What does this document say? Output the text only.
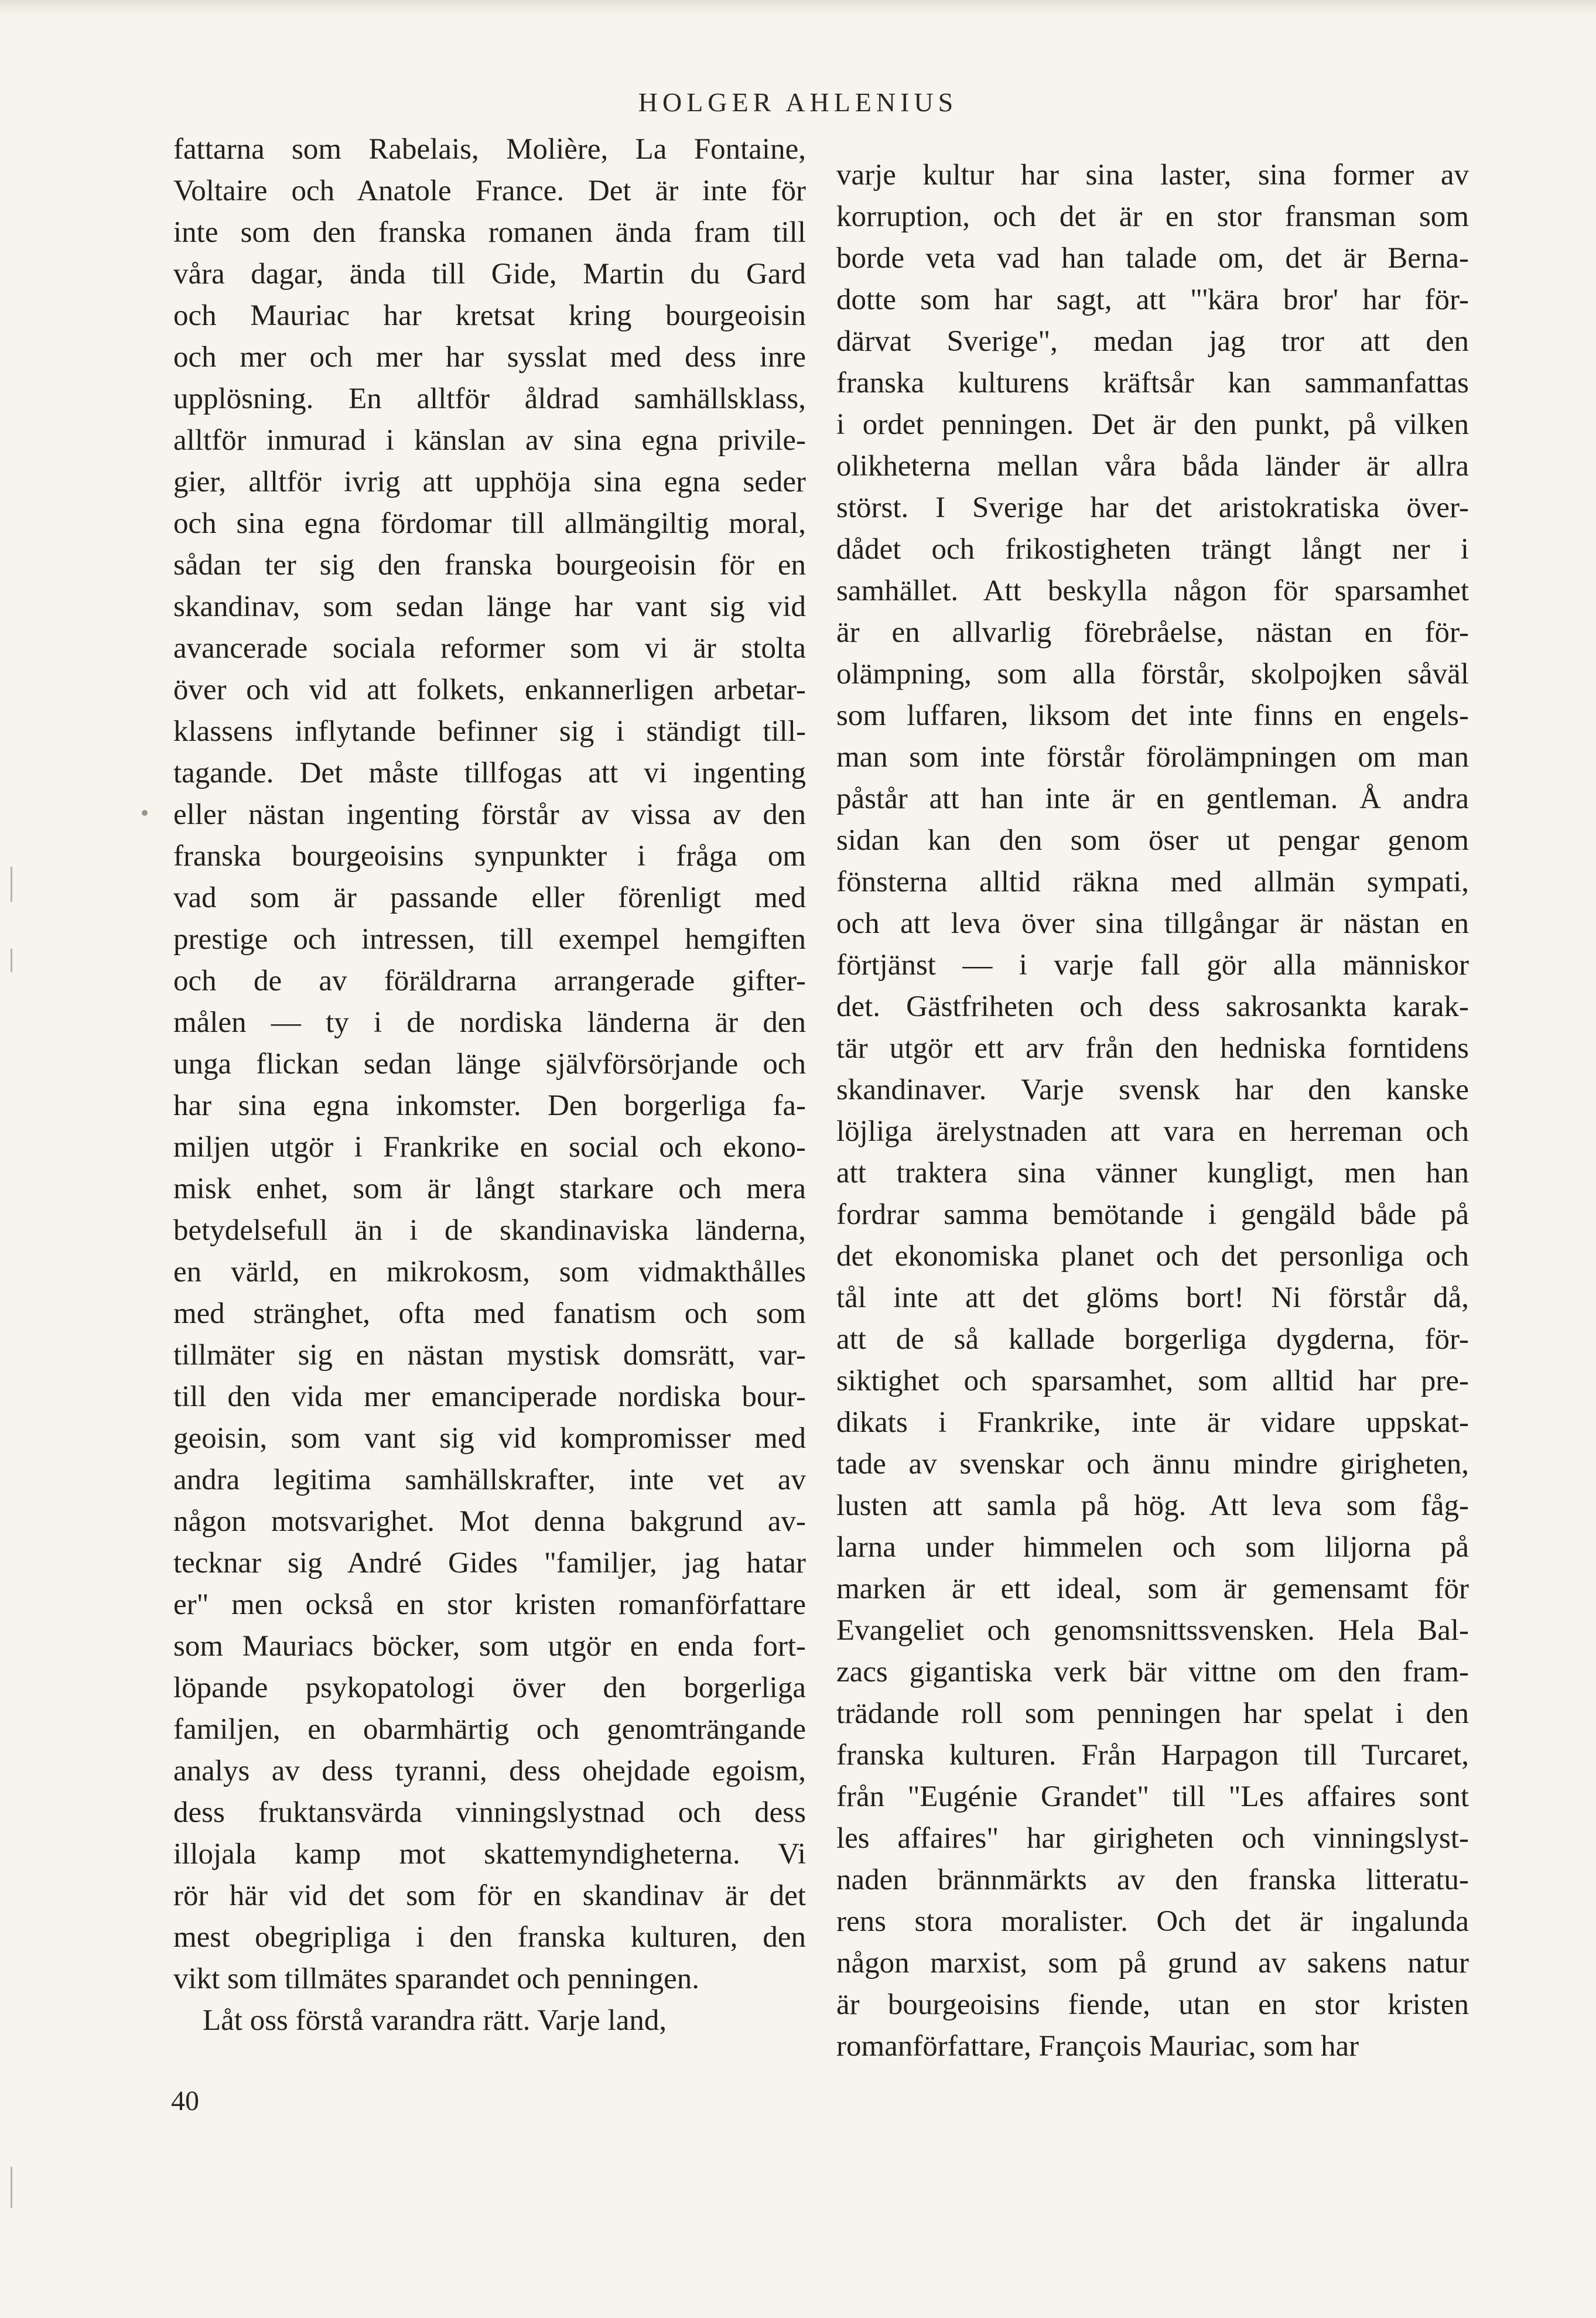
HOLGER AHLENIUS
fattarna som Rabelais, Molière, La Fontaine,
Voltaire och Anatole France. Det är inte för
inte som den franska romanen ända fram till
våra dagar, ända till Gide, Martin du Gard
och Mauriac har kretsat kring bourgeoisin
och mer och mer har sysslat med dess inre
upplösning. En alltför åldrad samhällsklass,
alltför inmurad i känslan av sina egna privile-
gier, alltför ivrig att upphöja sina egna seder
och sina egna fördomar till allmängiltig moral,
sådan ter sig den franska bourgeoisin för en
skandinav, som sedan länge har vant sig vid
avancerade sociala reformer som vi är stolta
över och vid att folkets, enkannerligen arbetar-
klassens inflytande befinner sig i ständigt till-
tagande. Det måste tillfogas att vi ingenting
eller nästan ingenting förstår av vissa av den
franska bourgeoisins synpunkter i fråga om
vad som är passande eller förenligt med
prestige och intressen, till exempel hemgiften
och de av föräldrarna arrangerade gifter-
målen — ty i de nordiska länderna är den
unga flickan sedan länge självförsörjande och
har sina egna inkomster. Den borgerliga fa-
miljen utgör i Frankrike en social och ekono-
misk enhet, som är långt starkare och mera
betydelsefull än i de skandinaviska länderna,
en värld, en mikrokosm, som vidmakthålles
med stränghet, ofta med fanatism och som
tillmäter sig en nästan mystisk domsrätt, var-
till den vida mer emanciperade nordiska bour-
geoisin, som vant sig vid kompromisser med
andra legitima samhällskrafter, inte vet av
någon motsvarighet. Mot denna bakgrund av-
tecknar sig André Gides "familjer, jag hatar
er" men också en stor kristen romanförfattare
som Mauriacs böcker, som utgör en enda fort-
löpande psykopatologi över den borgerliga
familjen, en obarmhärtig och genomträngande
analys av dess tyranni, dess ohejdade egoism,
dess fruktansvärda vinningslystnad och dess
illojala kamp mot skattemyndigheterna. Vi
rör här vid det som för en skandinav är det
mest obegripliga i den franska kulturen, den
vikt som tillmätes sparandet och penningen.
Låt oss förstå varandra rätt. Varje land,
varje kultur har sina laster, sina former av
korruption, och det är en stor fransman som
borde veta vad han talade om, det är Berna-
dotte som har sagt, att "'kära bror' har för-
därvat Sverige", medan jag tror att den
franska kulturens kräftsår kan sammanfattas
i ordet penningen. Det är den punkt, på vilken
olikheterna mellan våra båda länder är allra
störst. I Sverige har det aristokratiska över-
dådet och frikostigheten trängt långt ner i
samhället. Att beskylla någon för sparsamhet
är en allvarlig förebråelse, nästan en för-
olämpning, som alla förstår, skolpojken såväl
som luffaren, liksom det inte finns en engels-
man som inte förstår förolämpningen om man
påstår att han inte är en gentleman. Å andra
sidan kan den som öser ut pengar genom
fönsterna alltid räkna med allmän sympati,
och att leva över sina tillgångar är nästan en
förtjänst — i varje fall gör alla människor
det. Gästfriheten och dess sakrosankta karak-
tär utgör ett arv från den hedniska forntidens
skandinaver. Varje svensk har den kanske
löjliga ärelystnaden att vara en herreman och
att traktera sina vänner kungligt, men han
fordrar samma bemötande i gengäld både på
det ekonomiska planet och det personliga och
tål inte att det glöms bort! Ni förstår då,
att de så kallade borgerliga dygderna, för-
siktighet och sparsamhet, som alltid har pre-
dikats i Frankrike, inte är vidare uppskat-
tade av svenskar och ännu mindre girigheten,
lusten att samla på hög. Att leva som fåg-
larna under himmelen och som liljorna på
marken är ett ideal, som är gemensamt för
Evangeliet och genomsnittssvensken. Hela Bal-
zacs gigantiska verk bär vittne om den fram-
trädande roll som penningen har spelat i den
franska kulturen. Från Harpagon till Turcaret,
från "Eugénie Grandet" till "Les affaires sont
les affaires" har girigheten och vinningslyst-
naden brännmärkts av den franska litteratu-
rens stora moralister. Och det är ingalunda
någon marxist, som på grund av sakens natur
är bourgeoisins fiende, utan en stor kristen
romanförfattare, François Mauriac, som har
40
